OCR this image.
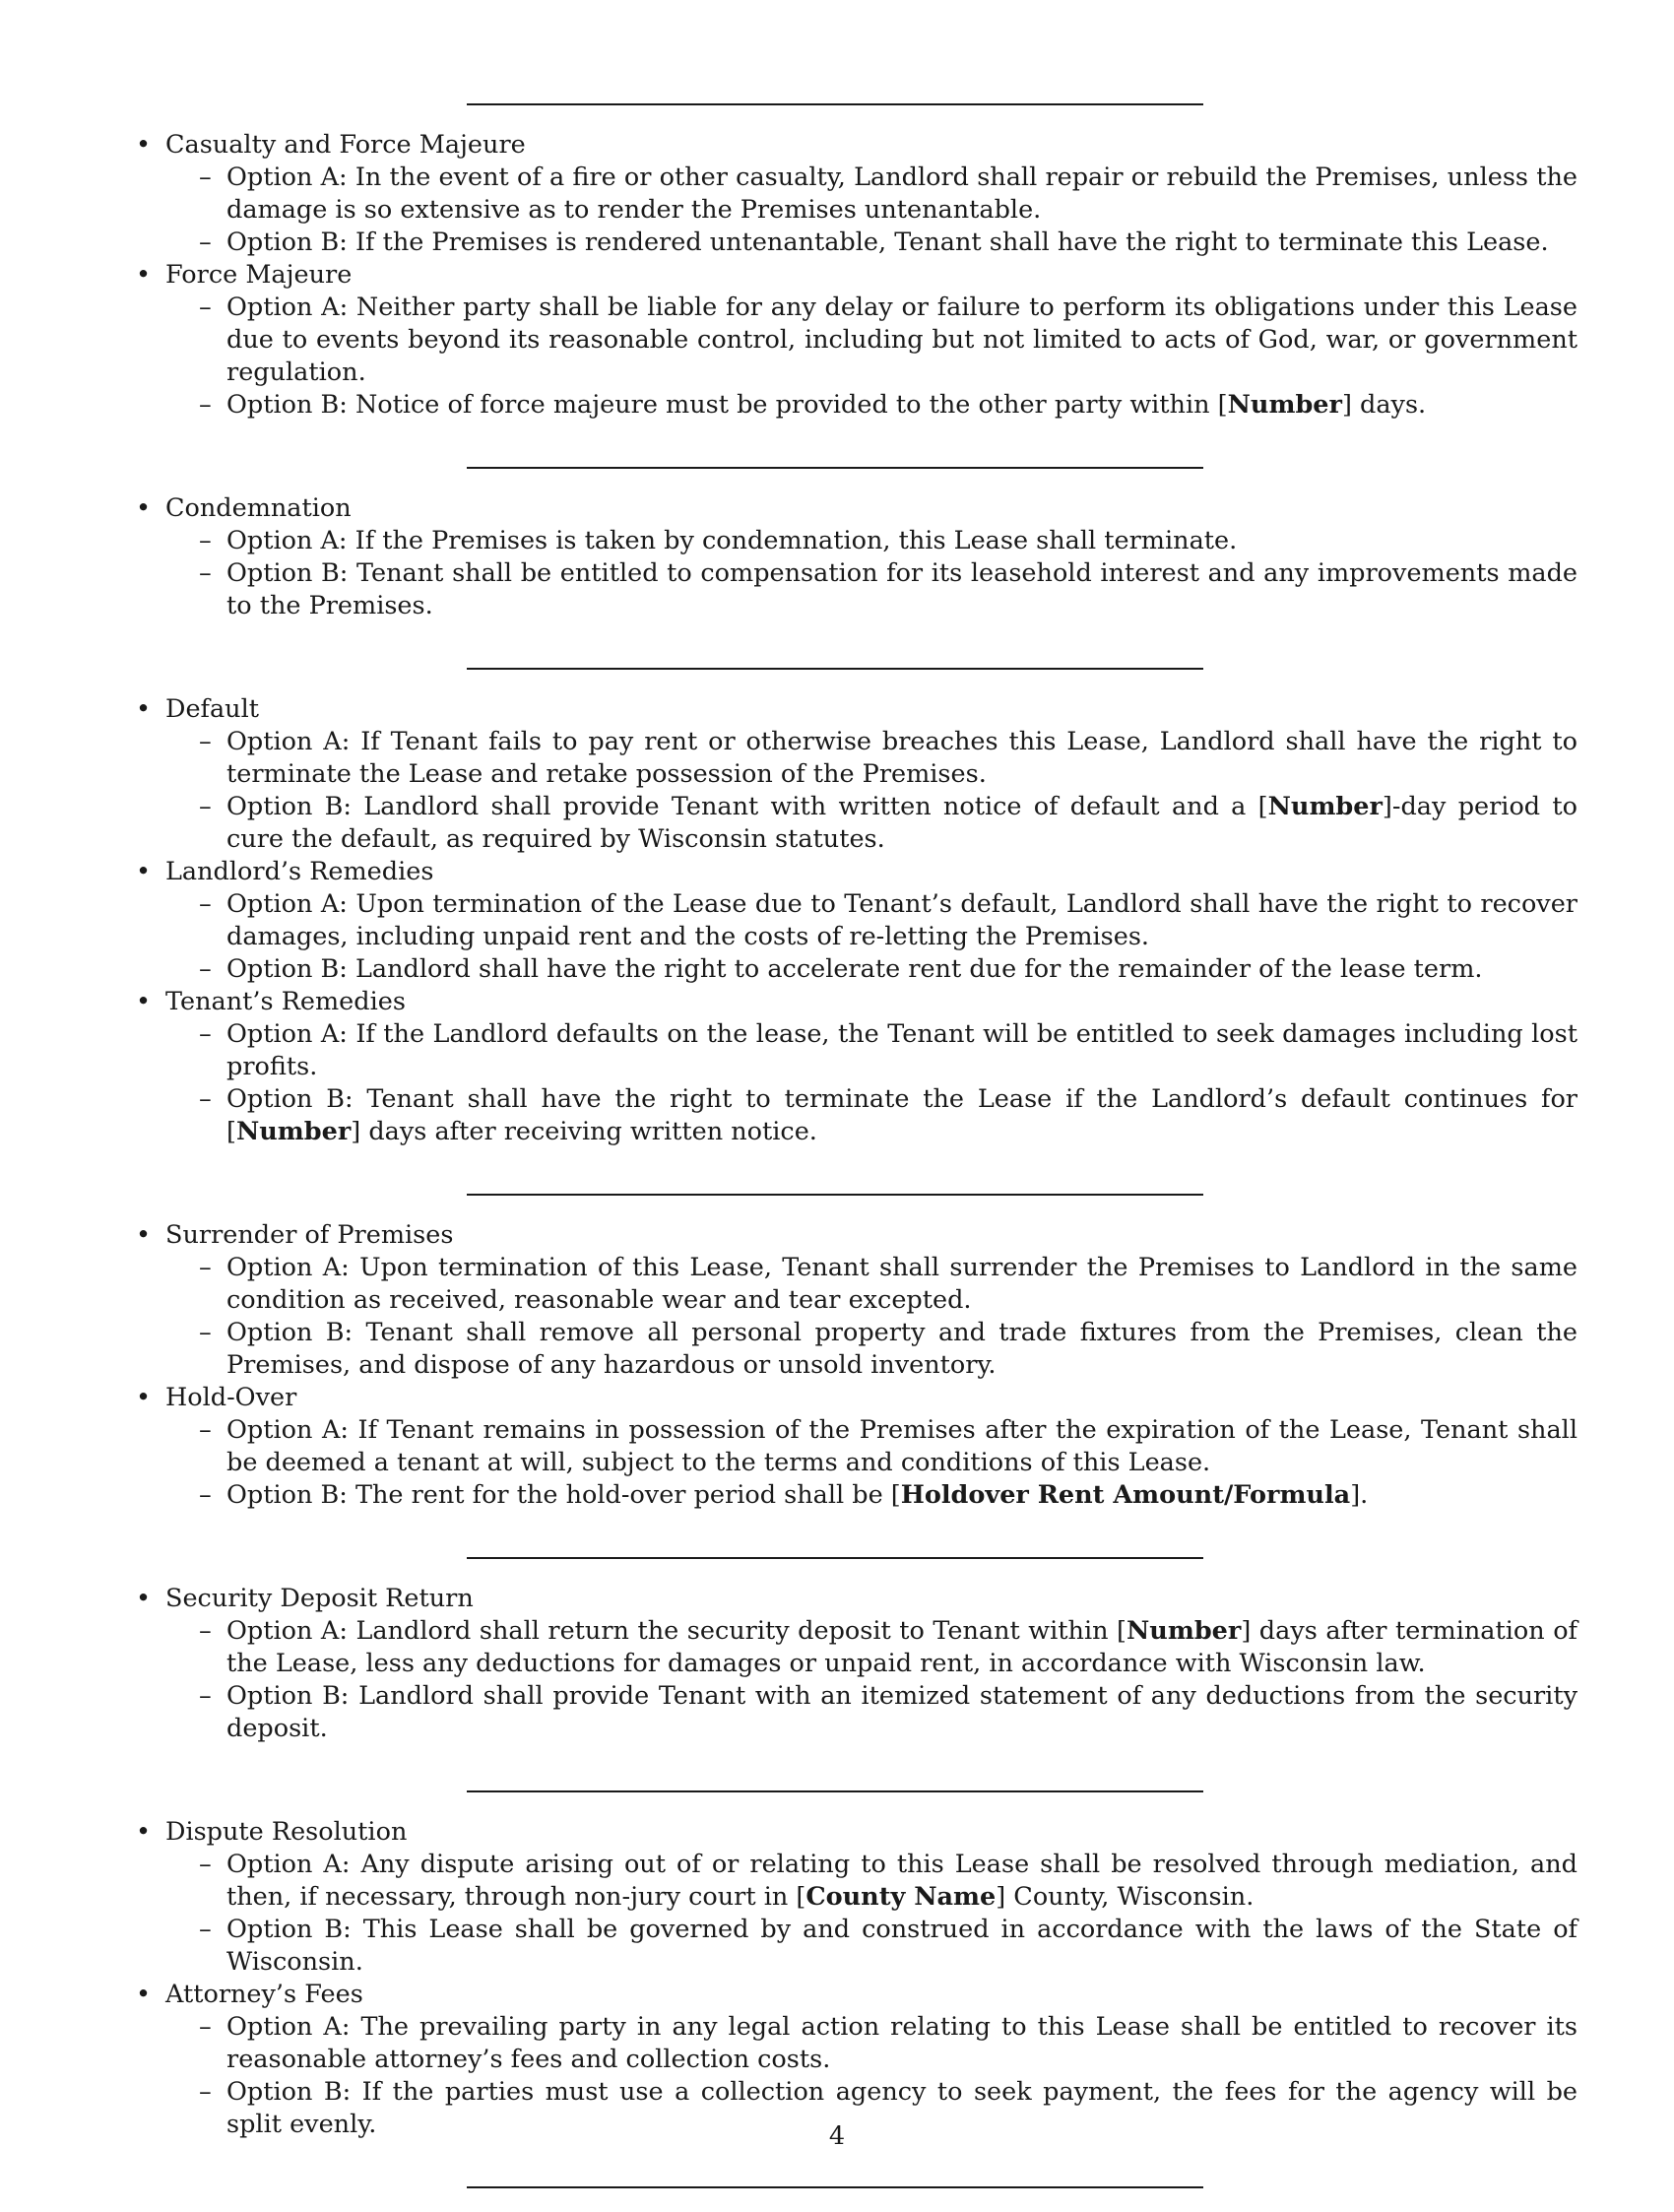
• Casualty and Force Majeure
– Option A: In the event of a fire or other casualty, Landlord shall repair or rebuild the Premises, unless the damage is so extensive as to render the Premises untenantable.
– Option B: If the Premises is rendered untenantable, Tenant shall have the right to terminate this Lease.
• Force Majeure
– Option A: Neither party shall be liable for any delay or failure to perform its obligations under this Lease due to events beyond its reasonable control, including but not limited to acts of God, war, or government regulation.
– Option B: Notice of force majeure must be provided to the other party within [Number] days.
• Condemnation
– Option A: If the Premises is taken by condemnation, this Lease shall terminate.
– Option B: Tenant shall be entitled to compensation for its leasehold interest and any improvements made to the Premises.
• Default
– Option A: If Tenant fails to pay rent or otherwise breaches this Lease, Landlord shall have the right to terminate the Lease and retake possession of the Premises.
– Option B: Landlord shall provide Tenant with written notice of default and a [Number]-day period to cure the default, as required by Wisconsin statutes.
• Landlord’s Remedies
– Option A: Upon termination of the Lease due to Tenant’s default, Landlord shall have the right to recover damages, including unpaid rent and the costs of re-letting the Premises.
– Option B: Landlord shall have the right to accelerate rent due for the remainder of the lease term.
• Tenant’s Remedies
– Option A: If the Landlord defaults on the lease, the Tenant will be entitled to seek damages including lost profits.
– Option B: Tenant shall have the right to terminate the Lease if the Landlord’s default continues for [Number] days after receiving written notice.
• Surrender of Premises
– Option A: Upon termination of this Lease, Tenant shall surrender the Premises to Landlord in the same condition as received, reasonable wear and tear excepted.
– Option B: Tenant shall remove all personal property and trade fixtures from the Premises, clean the Premises, and dispose of any hazardous or unsold inventory.
• Hold-Over
– Option A: If Tenant remains in possession of the Premises after the expiration of the Lease, Tenant shall be deemed a tenant at will, subject to the terms and conditions of this Lease.
– Option B: The rent for the hold-over period shall be [Holdover Rent Amount/Formula].
• Security Deposit Return
– Option A: Landlord shall return the security deposit to Tenant within [Number] days after termination of the Lease, less any deductions for damages or unpaid rent, in accordance with Wisconsin law.
– Option B: Landlord shall provide Tenant with an itemized statement of any deductions from the security deposit.
• Dispute Resolution
– Option A: Any dispute arising out of or relating to this Lease shall be resolved through mediation, and then, if necessary, through non-jury court in [County Name] County, Wisconsin.
– Option B: This Lease shall be governed by and construed in accordance with the laws of the State of Wisconsin.
• Attorney’s Fees
– Option A: The prevailing party in any legal action relating to this Lease shall be entitled to recover its reasonable attorney’s fees and collection costs.
– Option B: If the parties must use a collection agency to seek payment, the fees for the agency will be split evenly.	4
